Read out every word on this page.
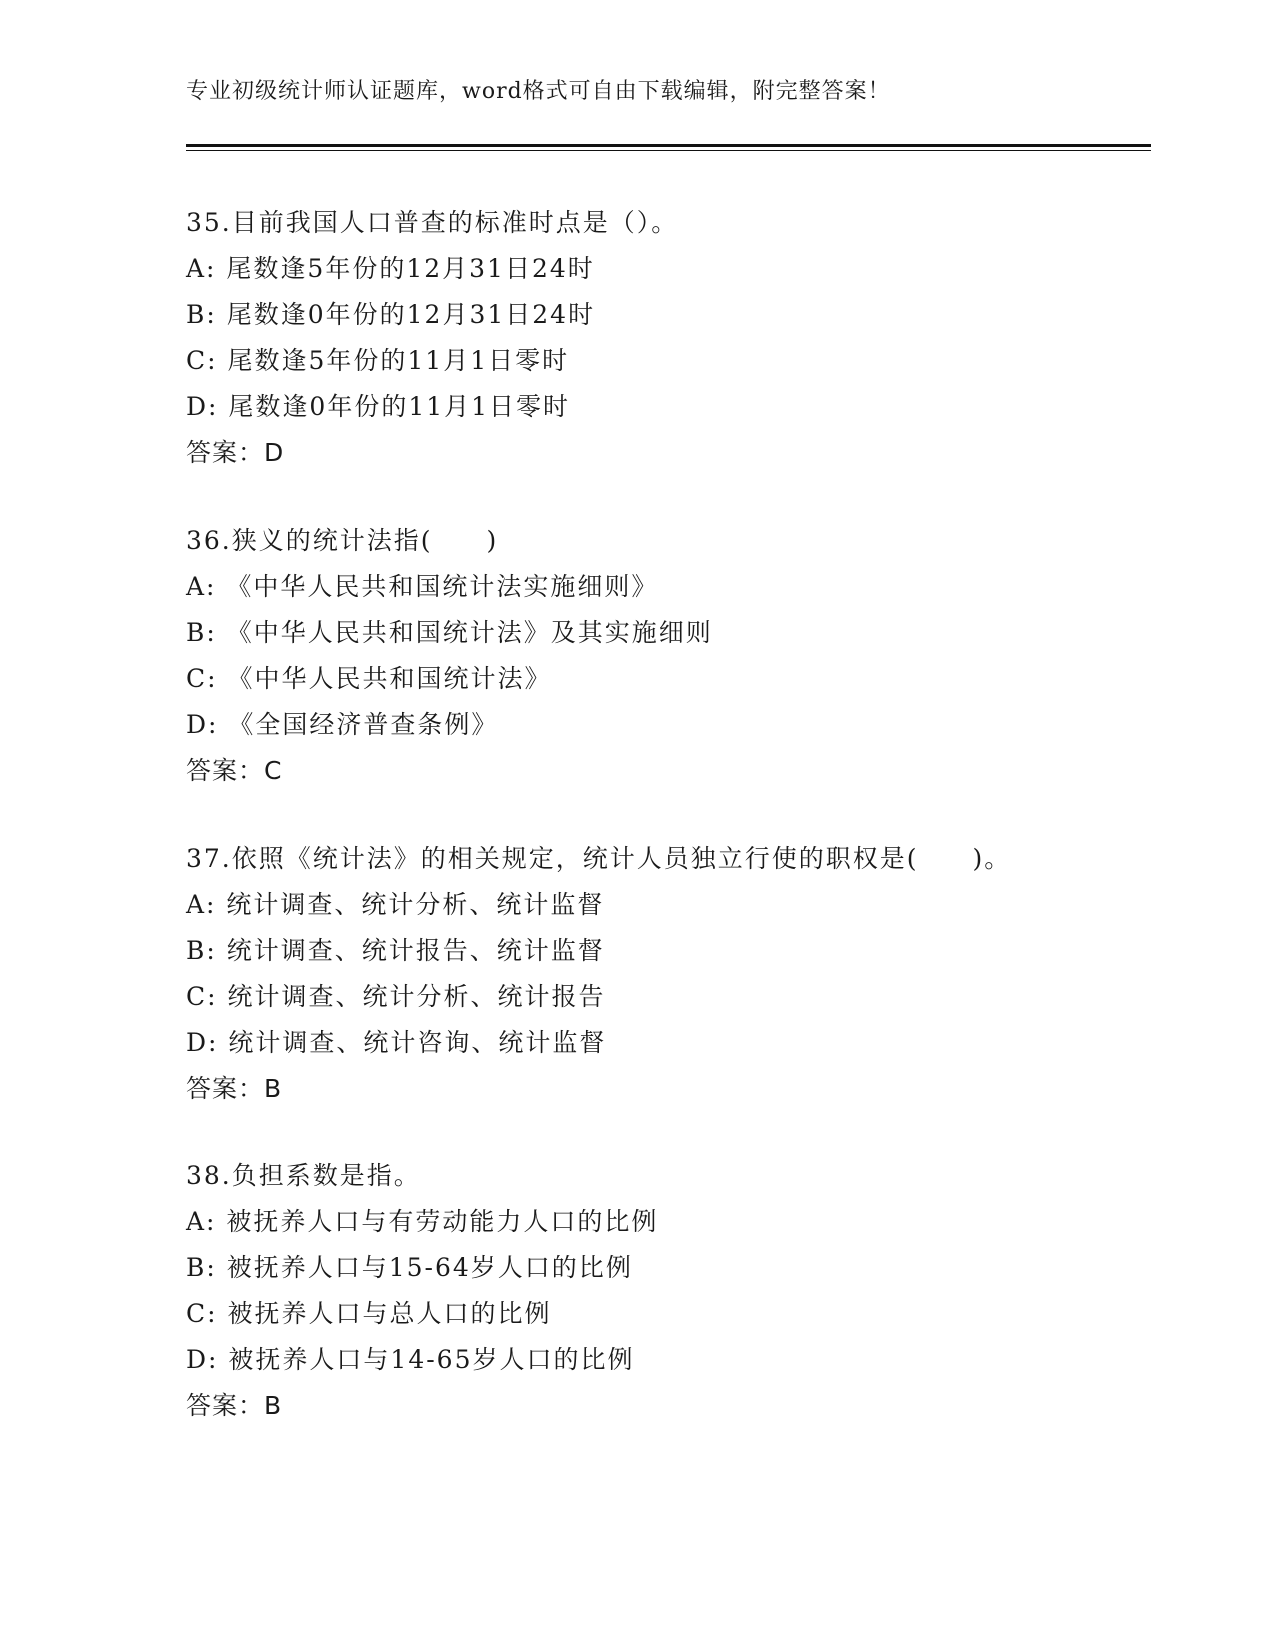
专业初级统计师认证题库，word格式可自由下载编辑，附完整答案！
35.目前我国人口普查的标准时点是（）。
A: 尾数逢5年份的12月31日24时
B: 尾数逢0年份的12月31日24时
C: 尾数逢5年份的11月1日零时
D: 尾数逢0年份的11月1日零时
答案：D
36.狭义的统计法指(　　)
A: 《中华人民共和国统计法实施细则》
B: 《中华人民共和国统计法》及其实施细则
C: 《中华人民共和国统计法》
D: 《全国经济普查条例》
答案：C
37.依照《统计法》的相关规定，统计人员独立行使的职权是(　　)。
A: 统计调查、统计分析、统计监督
B: 统计调查、统计报告、统计监督
C: 统计调查、统计分析、统计报告
D: 统计调查、统计咨询、统计监督
答案：B
38.负担系数是指。
A: 被抚养人口与有劳动能力人口的比例
B: 被抚养人口与15-64岁人口的比例
C: 被抚养人口与总人口的比例
D: 被抚养人口与14-65岁人口的比例
答案：B
